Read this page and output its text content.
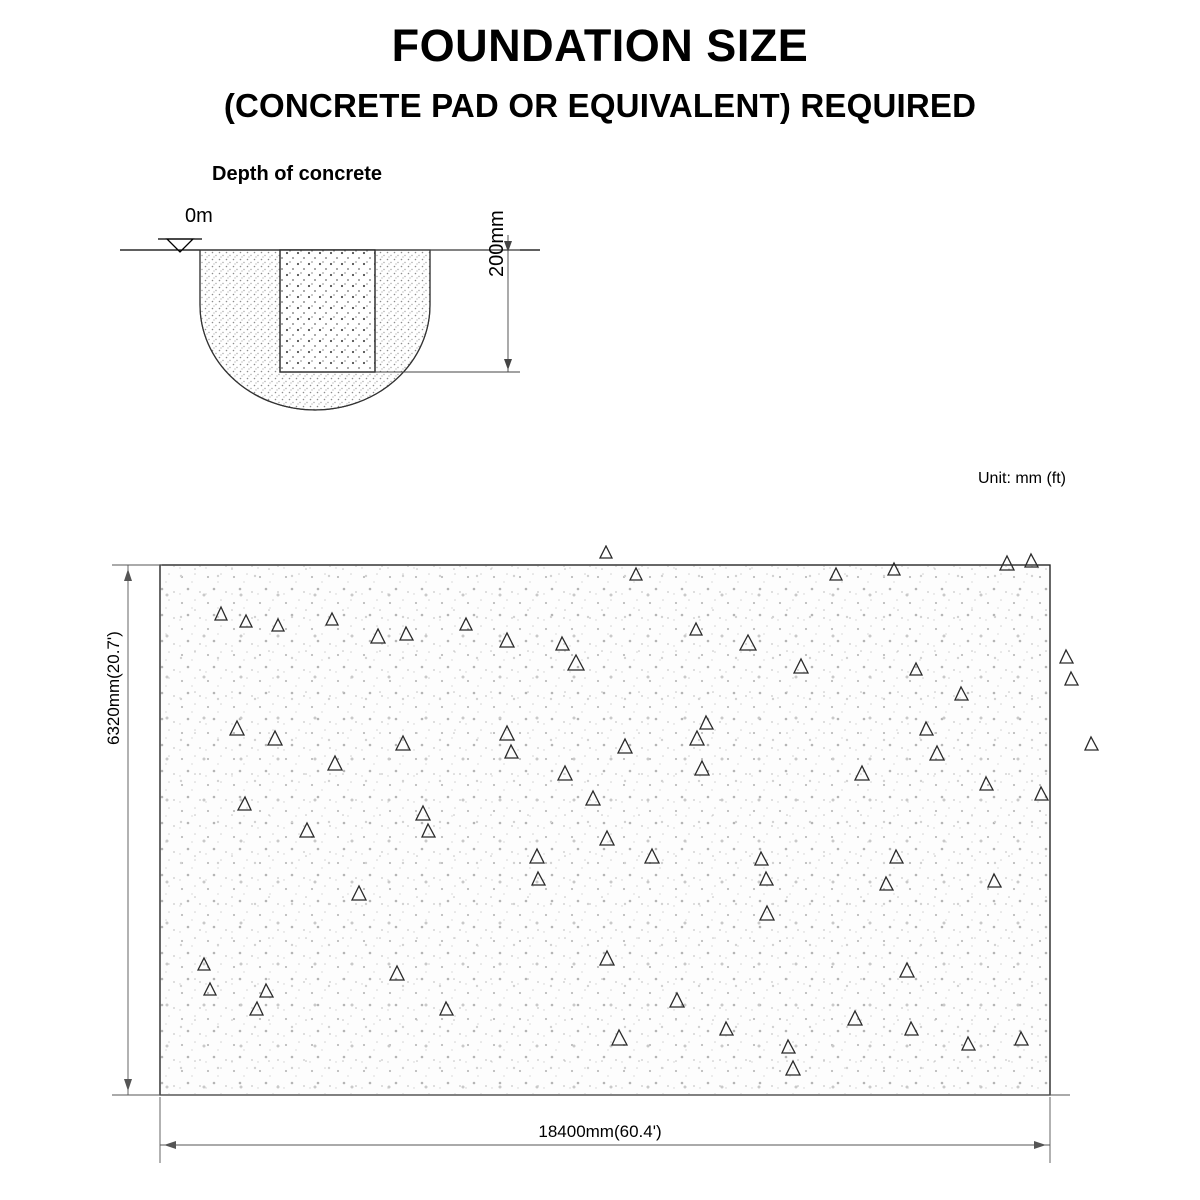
FOUNDATION SIZE
(CONCRETE PAD OR EQUIVALENT) REQUIRED
Depth of concrete
0m	200mm
Unit: mm (ft)
18400mm(60.4')
6320mm(20.7')
